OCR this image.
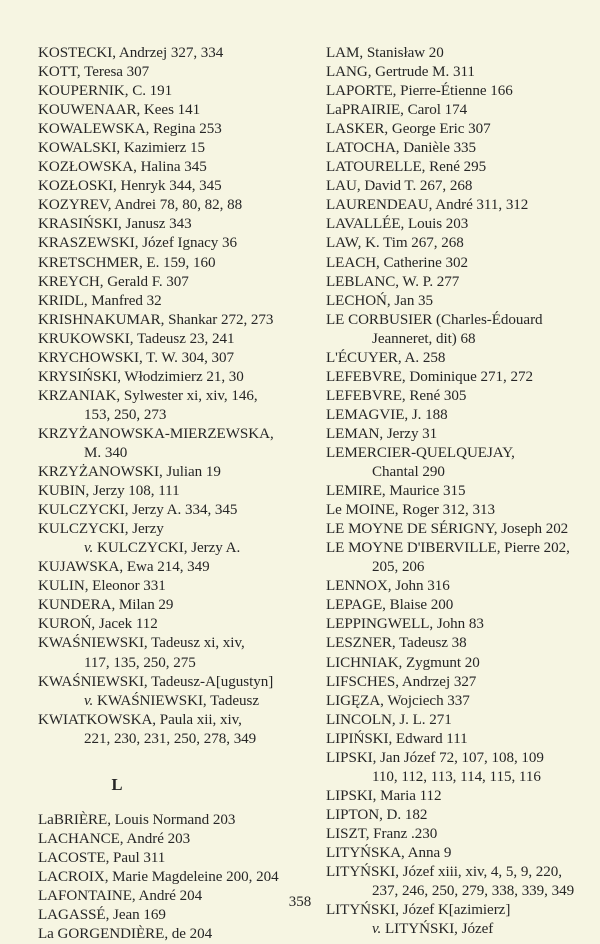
KOSTECKI, Andrzej 327, 334
KOTT, Teresa 307
KOUPERNIK, C. 191
KOUWENAAR, Kees 141
KOWALEWSKA, Regina 253
KOWALSKI, Kazimierz 15
KOZŁOWSKA, Halina 345
KOZŁOSKI, Henryk 344, 345
KOZYREV, Andrei 78, 80, 82, 88
KRASIŃSKI, Janusz 343
KRASZEWSKI, Józef Ignacy 36
KRETSCHMER, E. 159, 160
KREYCH, Gerald F. 307
KRIDL, Manfred 32
KRISHNAKUMAR, Shankar 272, 273
KRUKOWSKI, Tadeusz 23, 241
KRYCHOWSKI, T. W. 304, 307
KRYSIŃSKI, Włodzimierz 21, 30
KRZANIAK, Sylwester xi, xiv, 146,
153, 250, 273
KRZYŻANOWSKA-MIERZEWSKA,
M. 340
KRZYŻANOWSKI, Julian 19
KUBIN, Jerzy 108, 111
KULCZYCKI, Jerzy A. 334, 345
KULCZYCKI, Jerzy
v. KULCZYCKI, Jerzy A.
KUJAWSKA, Ewa 214, 349
KULIN, Eleonor 331
KUNDERA, Milan 29
KUROŃ, Jacek 112
KWAŚNIEWSKI, Tadeusz xi, xiv,
117, 135, 250, 275
KWAŚNIEWSKI, Tadeusz-A[ugustyn]
v. KWAŚNIEWSKI, Tadeusz
KWIATKOWSKA, Paula xii, xiv,
221, 230, 231, 250, 278, 349
L
LaBRIÈRE, Louis Normand 203
LACHANCE, André 203
LACOSTE, Paul 311
LACROIX, Marie Magdeleine 200, 204
LAFONTAINE, André 204
LAGASSÉ, Jean 169
La GORGENDIÈRE, de 204
LAM, Stanisław 20
LANG, Gertrude M. 311
LAPORTE, Pierre-Étienne 166
LaPRAIRIE, Carol 174
LASKER, George Eric 307
LATOCHA, Danièle 335
LATOURELLE, René 295
LAU, David T. 267, 268
LAURENDEAU, André 311, 312
LAVALLÉE, Louis 203
LAW, K. Tim 267, 268
LEACH, Catherine 302
LEBLANC, W. P. 277
LECHOŃ, Jan 35
LE CORBUSIER (Charles-Édouard
Jeanneret, dit) 68
L'ÉCUYER, A. 258
LEFEBVRE, Dominique 271, 272
LEFEBVRE, René 305
LEMAGVIE, J. 188
LEMAN, Jerzy 31
LEMERCIER-QUELQUEJAY,
Chantal 290
LEMIRE, Maurice 315
Le MOINE, Roger 312, 313
LE MOYNE DE SÉRIGNY, Joseph 202
LE MOYNE D'IBERVILLE, Pierre 202,
205, 206
LENNOX, John 316
LEPAGE, Blaise 200
LEPPINGWELL, John 83
LESZNER, Tadeusz 38
LICHNIAK, Zygmunt 20
LIFSCHES, Andrzej 327
LIGĘZA, Wojciech 337
LINCOLN, J. L. 271
LIPIŃSKI, Edward 111
LIPSKI, Jan Józef 72, 107, 108, 109
110, 112, 113, 114, 115, 116
LIPSKI, Maria 112
LIPTON, D. 182
LISZT, Franz .230
LITYŃSKA, Anna 9
LITYŃSKI, Józef xiii, xiv, 4, 5, 9, 220,
237, 246, 250, 279, 338, 339, 349
LITYŃSKI, Józef K[azimierz]
v. LITYŃSKI, Józef
358
